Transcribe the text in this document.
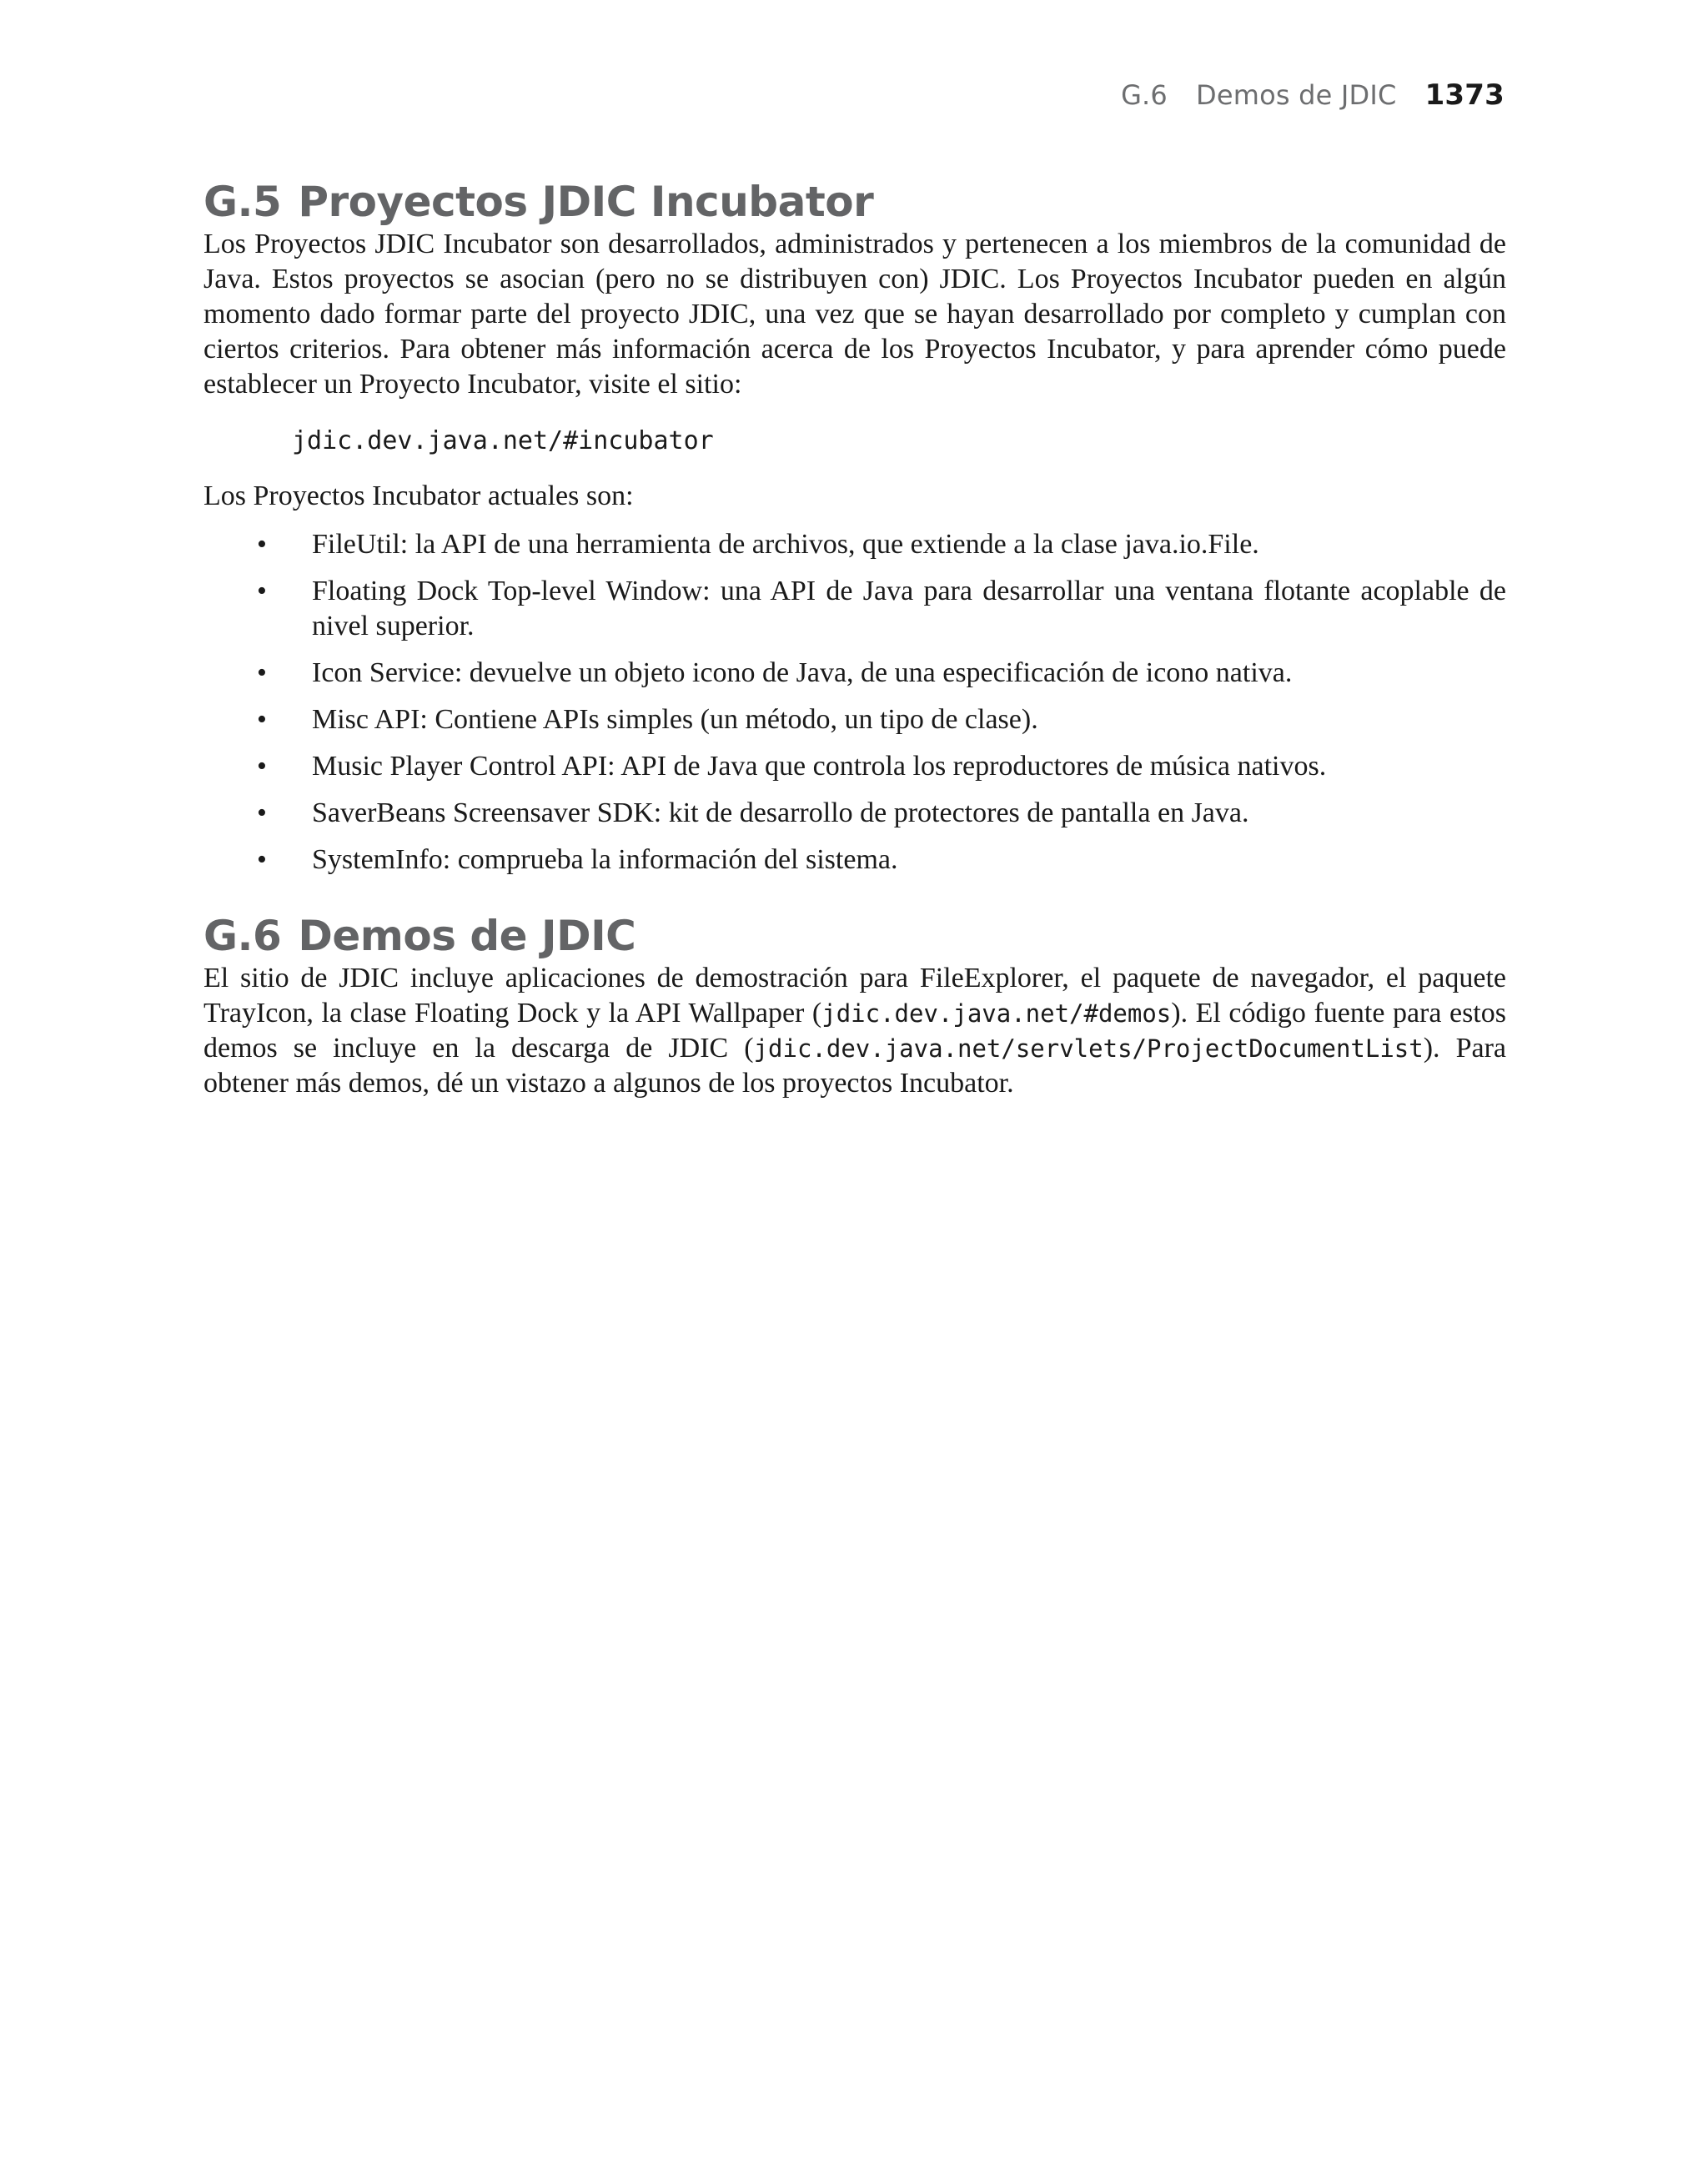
G.6 Demos de JDIC 1373
G.5 Proyectos JDIC Incubator

Los Proyectos JDIC Incubator son desarrollados, administrados y pertenecen a los miembros de la comunidad de Java. Estos proyectos se asocian (pero no se distribuyen con) JDIC. Los Proyectos Incubator pueden en algún momento dado formar parte del proyecto JDIC, una vez que se hayan desarrollado por completo y cumplan con ciertos criterios. Para obtener más información acerca de los Proyectos Incubator, y para aprender cómo puede establecer un Proyecto Incubator, visite el sitio:

jdic.dev.java.net/#incubator
Los Proyectos Incubator actuales son:
• FileUtil: la API de una herramienta de archivos, que extiende a la clase java.io.File.
• Floating Dock Top-level Window: una API de Java para desarrollar una ventana flotante acoplable de nivel superior.
• Icon Service: devuelve un objeto icono de Java, de una especificación de icono nativa.
• Misc API: Contiene APIs simples (un método, un tipo de clase).
• Music Player Control API: API de Java que controla los reproductores de música nativos.
• SaverBeans Screensaver SDK: kit de desarrollo de protectores de pantalla en Java.
• SystemInfo: comprueba la información del sistema.
G.6 Demos de JDIC

El sitio de JDIC incluye aplicaciones de demostración para FileExplorer, el paquete de navegador, el paquete TrayIcon, la clase Floating Dock y la API Wallpaper (jdic.dev.java.net/#demos). El código fuente para estos demos se incluye en la descarga de JDIC (jdic.dev.java.net/servlets/ProjectDocumentList). Para obtener más demos, dé un vistazo a algunos de los proyectos Incubator.
